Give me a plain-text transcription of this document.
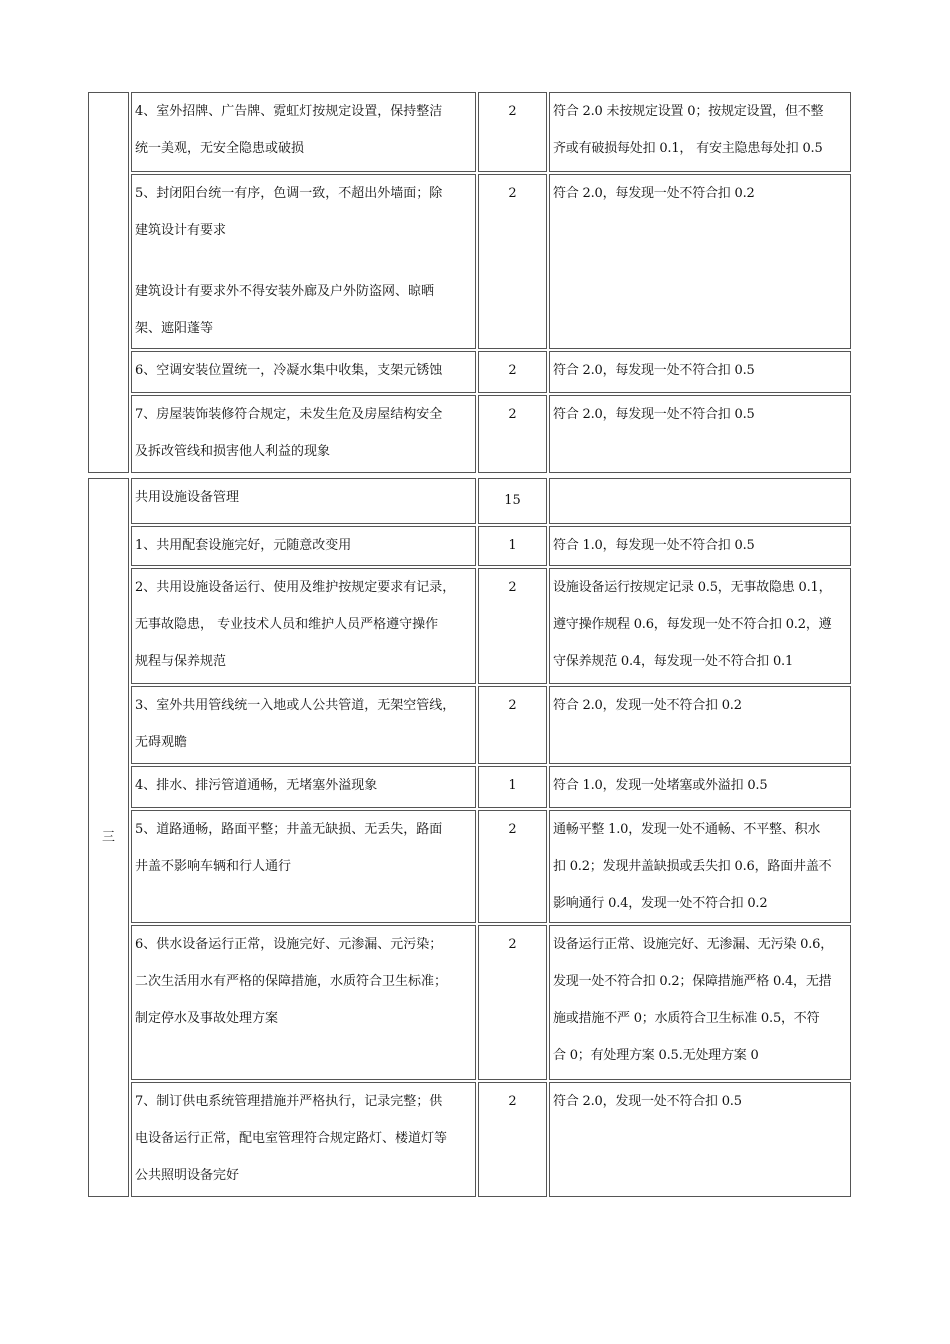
	4、室外招牌、广告牌、霓虹灯按规定设置，保持整洁
统一美观，无安全隐患或破损	2	符合 2.0 未按规定设置 0；按规定设置，但不整
齐或有破损每处扣 0.1， 有安主隐患每处扣 0.5
	5、封闭阳台统一有序，色调一致，不超出外墙面；除
建筑设计有要求
建筑设计有要求外不得安装外廊及户外防盗网、晾晒
架、遮阳蓬等	2	符合 2.0，每发现一处不符合扣 0.2
	6、空调安装位置统一，冷凝水集中收集，支架元锈蚀	2	符合 2.0，每发现一处不符合扣 0.5
	7、房屋装饰装修符合规定，未发生危及房屋结构安全
及拆改管线和损害他人利益的现象	2	符合 2.0，每发现一处不符合扣 0.5
三	共用设施设备管理	15	
	1、共用配套设施完好，元随意改变用	1	符合 1.0，每发现一处不符合扣 0.5
	2、共用设施设备运行、使用及维护按规定要求有记录，
无事故隐患， 专业技术人员和维护人员严格遵守操作
规程与保养规范	2	设施设备运行按规定记录 0.5，无事故隐患 0.1，
遵守操作规程 0.6，每发现一处不符合扣 0.2，遵
守保养规范 0.4，每发现一处不符合扣 0.1
	3、室外共用管线统一入地或人公共管道，无架空管线，
无碍观瞻	2	符合 2.0，发现一处不符合扣 0.2
	4、排水、排污管道通畅，无堵塞外溢现象	1	符合 1.0，发现一处堵塞或外溢扣 0.5
	5、道路通畅，路面平整；井盖无缺损、无丢失，路面
井盖不影响车辆和行人通行	2	通畅平整 1.0，发现一处不通畅、不平整、积水
扣 0.2；发现井盖缺损或丢失扣 0.6，路面井盖不
影响通行 0.4，发现一处不符合扣 0.2
	6、供水设备运行正常，设施完好、元渗漏、元污染；
二次生活用水有严格的保障措施，水质符合卫生标准；
制定停水及事故处理方案	2	设备运行正常、设施完好、无渗漏、无污染 0.6，
发现一处不符合扣 0.2；保障措施严格 0.4，无措
施或措施不严 0；水质符合卫生标准 0.5，不符
合 0；有处理方案 0.5.无处理方案 0
	7、制订供电系统管理措施并严格执行，记录完整；供
电设备运行正常，配电室管理符合规定路灯、楼道灯等
公共照明设备完好	2	符合 2.0，发现一处不符合扣 0.5
